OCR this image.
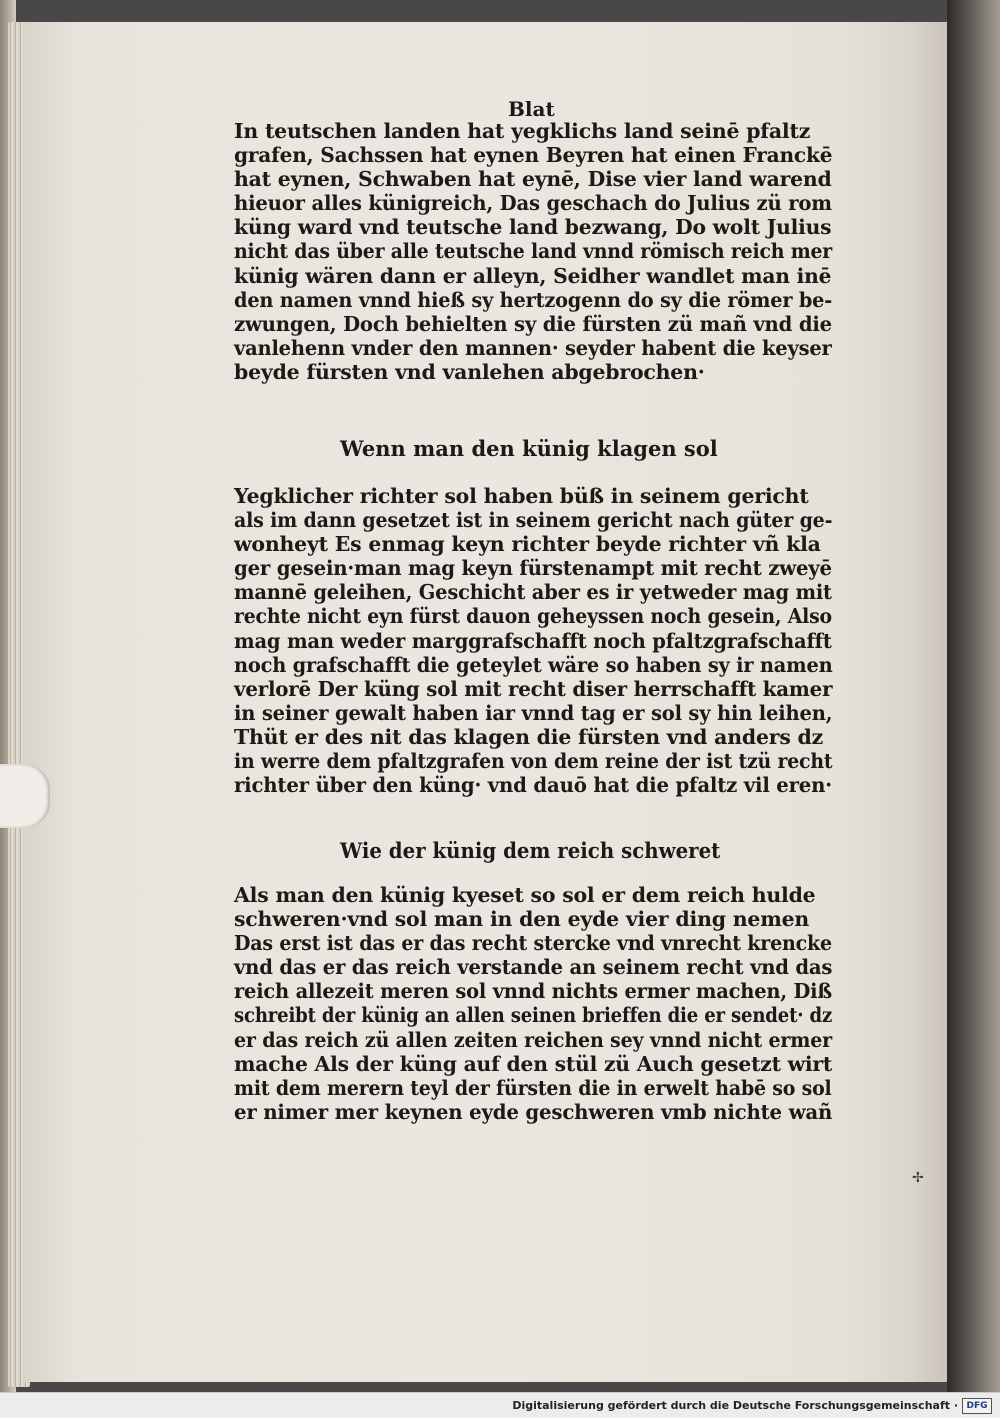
Blat
In teutschen landen hat yegklichs land seinē pfaltz
grafen, Sachssen hat eynen Beyren hat einen Franckē
hat eynen, Schwaben hat eynē, Dise vier land warend
hieuor alles künigreich, Das geschach do Julius zü rom
küng ward vnd teutsche land bezwang, Do wolt Julius
nicht das über alle teutsche land vnnd römisch reich mer
künig wären dann er alleyn, Seidher wandlet man inē
den namen vnnd hieß sy hertzogenn do sy die römer be-
zwungen, Doch behielten sy die fürsten zü mañ vnd die
vanlehenn vnder den mannen· seyder habent die keyser
beyde fürsten vnd vanlehen abgebrochen·
Wenn man den künig klagen sol
Yegklicher richter sol haben büß in seinem gericht
als im dann gesetzet ist in seinem gericht nach güter ge-
wonheyt Es enmag keyn richter beyde richter vñ kla
ger gesein·man mag keyn fürstenampt mit recht zweyē
mannē geleihen, Geschicht aber es ir yetweder mag mit
rechte nicht eyn fürst dauon geheyssen noch gesein, Also
mag man weder marggrafschafft noch pfaltzgrafschafft
noch grafschafft die geteylet wäre so haben sy ir namen
verlorē Der küng sol mit recht diser herrschafft kamer
in seiner gewalt haben iar vnnd tag er sol sy hin leihen,
Thüt er des nit das klagen die fürsten vnd anders dz
in werre dem pfaltzgrafen von dem reine der ist tzü recht
richter über den küng· vnd dauō hat die pfaltz vil eren·
Wie der künig dem reich schweret
Als man den künig kyeset so sol er dem reich hulde
schweren·vnd sol man in den eyde vier ding nemen
Das erst ist das er das recht stercke vnd vnrecht krencke
vnd das er das reich verstande an seinem recht vnd das
reich allezeit meren sol vnnd nichts ermer machen, Diß
schreibt der künig an allen seinen brieffen die er sendet· dz
er das reich zü allen zeiten reichen sey vnnd nicht ermer
mache Als der küng auf den stül zü Auch gesetzt wirt
mit dem merern teyl der fürsten die in erwelt habē so sol
er nimer mer keynen eyde geschweren vmb nichte wañ
✢
Digitalisierung gefördert durch die Deutsche Forschungsgemeinschaft · DFG
